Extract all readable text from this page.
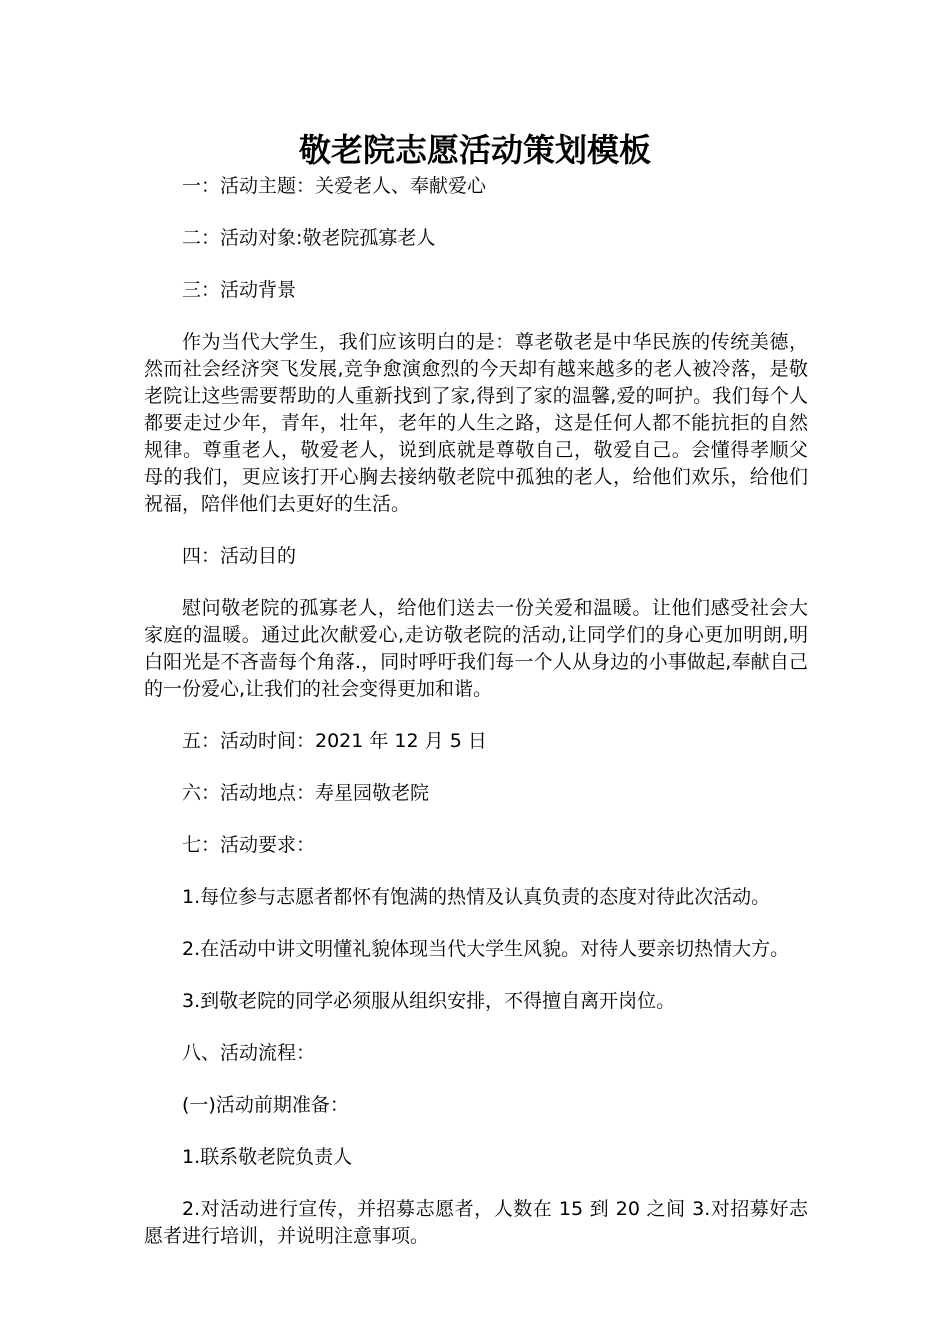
敬老院志愿活动策划模板

一：活动主题：关爱老人、奉献爱心

二：活动对象:敬老院孤寡老人

三：活动背景

作为当代大学生，我们应该明白的是：尊老敬老是中华民族的传统美德，然而社会经济突飞发展,竞争愈演愈烈的今天却有越来越多的老人被冷落，是敬老院让这些需要帮助的人重新找到了家,得到了家的温馨,爱的呵护。我们每个人都要走过少年，青年，壮年，老年的人生之路，这是任何人都不能抗拒的自然规律。尊重老人，敬爱老人，说到底就是尊敬自己，敬爱自己。会懂得孝顺父母的我们，更应该打开心胸去接纳敬老院中孤独的老人，给他们欢乐，给他们祝福，陪伴他们去更好的生活。

四：活动目的

慰问敬老院的孤寡老人，给他们送去一份关爱和温暖。让他们感受社会大家庭的温暖。通过此次献爱心,走访敬老院的活动,让同学们的身心更加明朗,明白阳光是不吝啬每个角落.，同时呼吁我们每一个人从身边的小事做起,奉献自己的一份爱心,让我们的社会变得更加和谐。

五：活动时间：2021 年 12 月 5 日

六：活动地点：寿星园敬老院

七：活动要求：

1.每位参与志愿者都怀有饱满的热情及认真负责的态度对待此次活动。

2.在活动中讲文明懂礼貌体现当代大学生风貌。对待人要亲切热情大方。

3.到敬老院的同学必须服从组织安排，不得擅自离开岗位。

八、活动流程：

(一)活动前期准备：

1.联系敬老院负责人

2.对活动进行宣传，并招募志愿者，人数在 15 到 20 之间 3.对招募好志愿者进行培训，并说明注意事项。
